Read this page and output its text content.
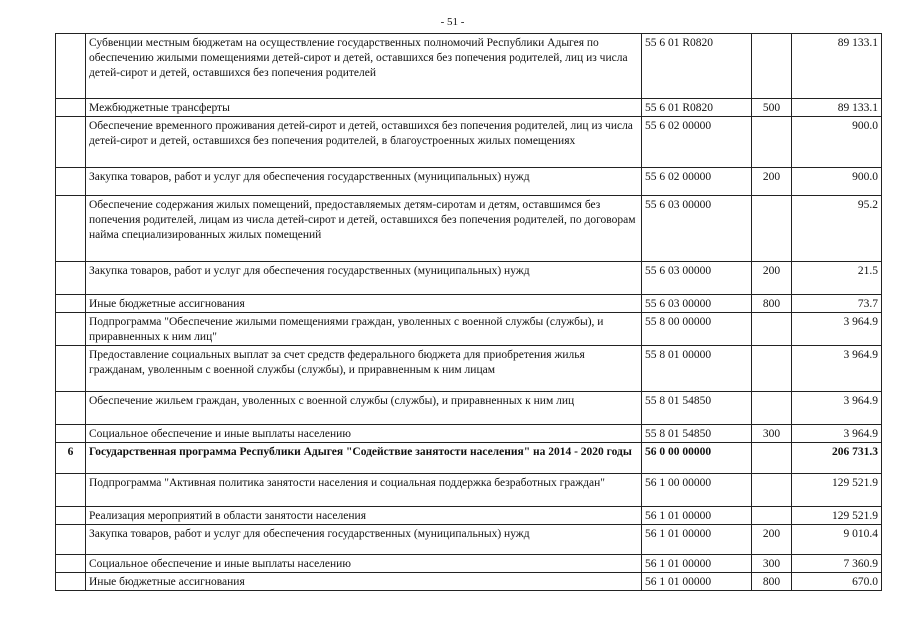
- 51 -
	Субвенции местным бюджетам на осуществление государственных полномочий Республики Адыгея по обеспечению жилыми помещениями детей-сирот и детей, оставшихся без попечения родителей, лиц из числа детей-сирот и детей, оставшихся без попечения родителей	55 6 01 R0820		89 133.1
	Межбюджетные трансферты	55 6 01 R0820	500	89 133.1
	Обеспечение временного проживания детей-сирот и детей, оставшихся без попечения родителей, лиц из числа детей-сирот и детей, оставшихся без попечения родителей, в благоустроенных жилых помещениях	55 6 02 00000		900.0
	Закупка товаров, работ и услуг для обеспечения государственных (муниципальных) нужд	55 6 02 00000	200	900.0
	Обеспечение содержания жилых помещений, предоставляемых детям-сиротам и детям, оставшимся без попечения родителей, лицам из числа детей-сирот и детей, оставшихся без попечения родителей, по договорам найма специализированных жилых помещений	55 6 03 00000		95.2
	Закупка товаров, работ и услуг для обеспечения государственных (муниципальных) нужд	55 6 03 00000	200	21.5
	Иные бюджетные ассигнования	55 6 03 00000	800	73.7
	Подпрограмма "Обеспечение жилыми помещениями граждан, уволенных с военной службы (службы), и приравненных к ним лиц"	55 8 00 00000		3 964.9
	Предоставление социальных выплат за счет средств федерального бюджета для приобретения жилья гражданам, уволенным с военной службы (службы), и приравненным к ним лицам	55 8 01 00000		3 964.9
	Обеспечение жильем граждан, уволенных с военной службы (службы), и приравненных к ним лиц	55 8 01 54850		3 964.9
	Социальное обеспечение и иные выплаты населению	55 8 01 54850	300	3 964.9
6	Государственная программа Республики Адыгея "Содействие занятости населения" на 2014 - 2020 годы	56 0 00 00000		206 731.3
	Подпрограмма "Активная политика занятости населения и социальная поддержка безработных граждан"	56 1 00 00000		129 521.9
	Реализация мероприятий в области занятости населения	56 1 01 00000		129 521.9
	Закупка товаров, работ и услуг для обеспечения государственных (муниципальных) нужд	56 1 01 00000	200	9 010.4
	Социальное обеспечение и иные выплаты населению	56 1 01 00000	300	7 360.9
	Иные бюджетные ассигнования	56 1 01 00000	800	670.0
